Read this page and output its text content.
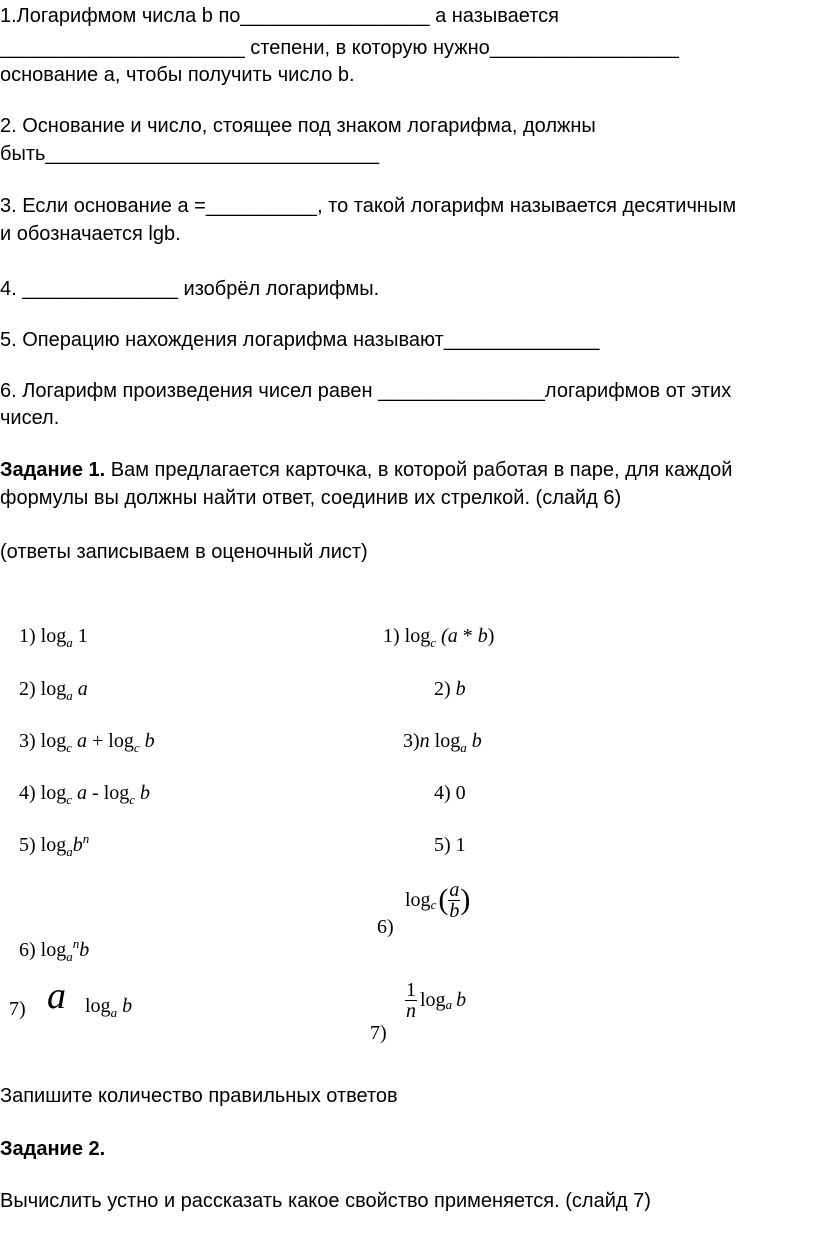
1.Логарифмом числа b по_________________ а называется
______________________ степени, в которую нужно_________________
основание а, чтобы получить число b.
2. Основание и число, стоящее под знаком логарифма, должны
быть______________________________
3. Если основание а =__________, то такой логарифм называется десятичным
и обозначается lgb.
4. ______________ изобрёл логарифмы.
5. Операцию нахождения логарифма называют______________
6. Логарифм произведения чисел равен _______________логарифмов от этих
чисел.
Задание 1. Вам предлагается карточка, в которой работая в паре, для каждой
формулы вы должны найти ответ, соединив их стрелкой. (слайд 6)
(ответы записываем в оценочный лист)

1) $\log_a 1$

2) $\log_a a$

3) $\log_c a + \log_c b$

4) $\log_c a - \log_c b$

5) $\log_ab^n$

6) $\log_a^nb$

7) a $\log_a b$

1) $\log_c (a * b)$

2) b

3)n $\log_a b$

4) 0

5) 1

6)
log c ( $\frac{a}{b}$ )
7)
$\frac{1}{n}$ log a b
Запишите количество правильных ответов
Задание 2.
Вычислить устно и рассказать какое свойство применяется. (слайд 7)
